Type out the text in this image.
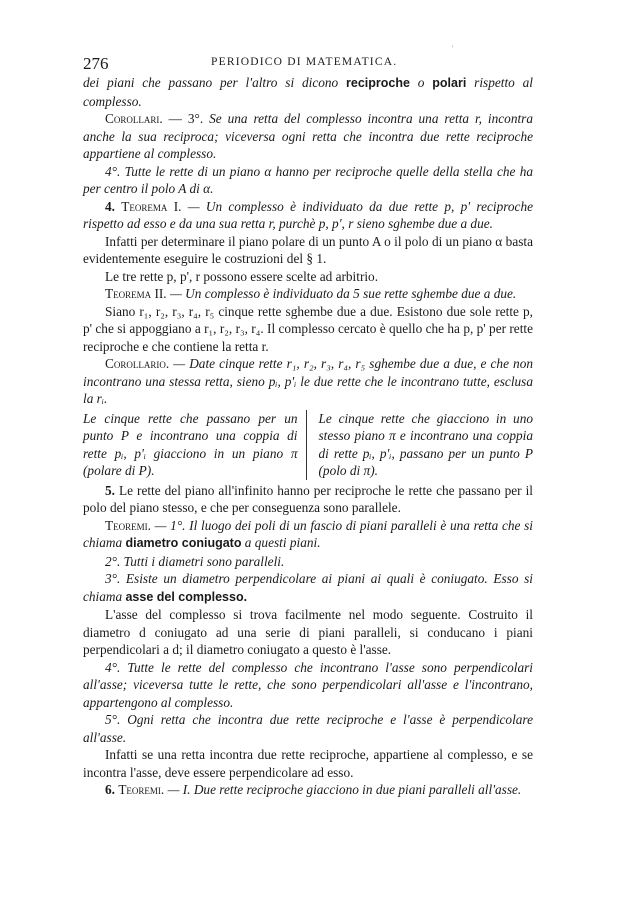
'
276	PERIODICO DI MATEMATICA.

dei piani che passano per l'altro si dicono reciproche o polari rispetto al complesso.

Corollari. — 3°. Se una retta del complesso incontra una retta r, incontra anche la sua reciproca; viceversa ogni retta che incontra due rette reciproche appartiene al complesso.

4°. Tutte le rette di un piano α hanno per reciproche quelle della stella che ha per centro il polo A di α.

4. Teorema I. — Un complesso è individuato da due rette p, p' reciproche rispetto ad esso e da una sua retta r, purchè p, p', r sieno sghembe due a due.

Infatti per determinare il piano polare di un punto A o il polo di un piano α basta evidentemente eseguire le costruzioni del § 1.

Le tre rette p, p', r possono essere scelte ad arbitrio.

Teorema II. — Un complesso è individuato da 5 sue rette sghembe due a due.

Siano r₁, r₂, r₃, r₄, r₅ cinque rette sghembe due a due. Esistono due sole rette p, p' che si appoggiano a r₁, r₂, r₃, r₄. Il complesso cercato è quello che ha p, p' per rette reciproche e che contiene la retta r.

Corollario. — Date cinque rette r₁, r₂, r₃, r₄, r₅ sghembe due a due, e che non incontrano una stessa retta, sieno pᵢ, p'ᵢ le due rette che le incontrano tutte, esclusa la rᵢ.

Le cinque rette che passano per un punto P e incontrano una coppia di rette pᵢ, p'ᵢ giacciono in un piano π (polare di P).
Le cinque rette che giacciono in uno stesso piano π e incontrano una coppia di rette pᵢ, p'ᵢ, passano per un punto P (polo di π).

5. Le rette del piano all'infinito hanno per reciproche le rette che passano per il polo del piano stesso, e che per conseguenza sono parallele.

Teoremi. — 1°. Il luogo dei poli di un fascio di piani paralleli è una retta che si chiama diametro coniugato a questi piani.

2°. Tutti i diametri sono paralleli.

3°. Esiste un diametro perpendicolare ai piani ai quali è coniugato. Esso si chiama asse del complesso.

L'asse del complesso si trova facilmente nel modo seguente. Costruito il diametro d coniugato ad una serie di piani paralleli, si conducano i piani perpendicolari a d; il diametro coniugato a questo è l'asse.

4°. Tutte le rette del complesso che incontrano l'asse sono perpendicolari all'asse; viceversa tutte le rette, che sono perpendicolari all'asse e l'incontrano, appartengono al complesso.

5°. Ogni retta che incontra due rette reciproche e l'asse è perpendicolare all'asse.

Infatti se una retta incontra due rette reciproche, appartiene al complesso, e se incontra l'asse, deve essere perpendicolare ad esso.

6. Teoremi. — I. Due rette reciproche giacciono in due piani paralleli all'asse.
